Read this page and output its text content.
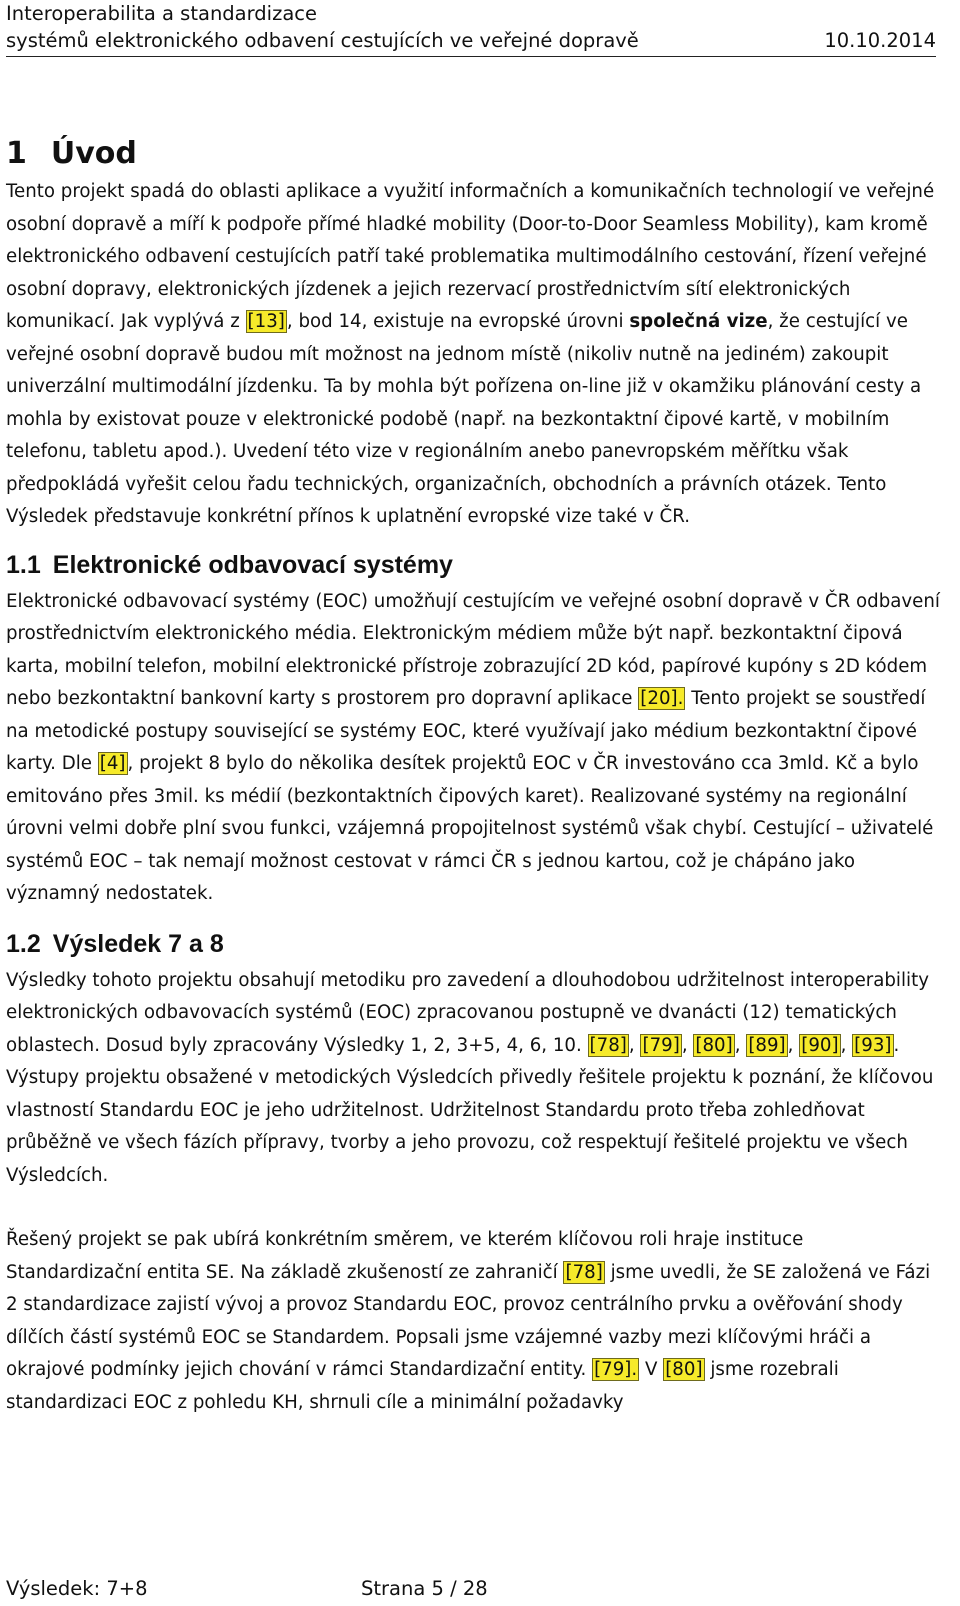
Interoperabilita a standardizace
systémů elektronického odbavení cestujících ve veřejné dopravě	10.10.2014
1 Úvod

Tento projekt spadá do oblasti aplikace a využití informačních a komunikačních technologií ve veřejné osobní dopravě a míří k podpoře přímé hladké mobility (Door-to-Door Seamless Mobility), kam kromě elektronického odbavení cestujících patří také problematika multimodálního cestování, řízení veřejné osobní dopravy, elektronických jízdenek a jejich rezervací prostřednictvím sítí elektronických komunikací. Jak vyplývá z [13] , bod 14, existuje na evropské úrovni společná vize, že cestující ve veřejné osobní dopravě budou mít možnost na jednom místě (nikoliv nutně na jediném) zakoupit univerzální multimodální jízdenku. Ta by mohla být pořízena on-line již v okamžiku plánování cesty a mohla by existovat pouze v elektronické podobě (např. na bezkontaktní čipové kartě, v mobilním telefonu, tabletu apod.). Uvedení této vize v regionálním anebo panevropském měřítku však předpokládá vyřešit celou řadu technických, organizačních, obchodních a právních otázek. Tento Výsledek představuje konkrétní přínos k uplatnění evropské vize také v ČR.

1.1 Elektronické odbavovací systémy

Elektronické odbavovací systémy (EOC) umožňují cestujícím ve veřejné osobní dopravě v ČR odbavení prostřednictvím elektronického média. Elektronickým médiem může být např. bezkontaktní čipová karta, mobilní telefon, mobilní elektronické přístroje zobrazující 2D kód, papírové kupóny s 2D kódem nebo bezkontaktní bankovní karty s prostorem pro dopravní aplikace [20]. Tento projekt se soustředí na metodické postupy související se systémy EOC, které využívají jako médium bezkontaktní čipové karty. Dle [4] , projekt 8 bylo do několika desítek projektů EOC v ČR investováno cca 3mld. Kč a bylo emitováno přes 3mil. ks médií (bezkontaktních čipových karet). Realizované systémy na regionální úrovni velmi dobře plní svou funkci, vzájemná propojitelnost systémů však chybí. Cestující – uživatelé systémů EOC – tak nemají možnost cestovat v rámci ČR s jednou kartou, což je chápáno jako významný nedostatek.

1.2 Výsledek 7 a 8

Výsledky tohoto projektu obsahují metodiku pro zavedení a dlouhodobou udržitelnost interoperability elektronických odbavovacích systémů (EOC) zpracovanou postupně ve dvanácti (12) tematických oblastech. Dosud byly zpracovány Výsledky 1, 2, 3+5, 4, 6, 10. [78] , [79] , [80] , [89] , [90] , [93] . Výstupy projektu obsažené v metodických Výsledcích přivedly řešitele projektu k poznání, že klíčovou vlastností Standardu EOC je jeho udržitelnost. Udržitelnost Standardu proto třeba zohledňovat průběžně ve všech fázích přípravy, tvorby a jeho provozu, což respektují řešitelé projektu ve všech Výsledcích.

Řešený projekt se pak ubírá konkrétním směrem, ve kterém klíčovou roli hraje instituce Standardizační entita SE. Na základě zkušeností ze zahraničí [78] jsme uvedli, že SE založená ve Fázi 2 standardizace zajistí vývoj a provoz Standardu EOC, provoz centrálního prvku a ověřování shody dílčích částí systémů EOC se Standardem. Popsali jsme vzájemné vazby mezi klíčovými hráči a okrajové podmínky jejich chování v rámci Standardizační entity. [79]. V [80] jsme rozebrali standardizaci EOC z pohledu KH, shrnuli cíle a minimální požadavky

Výsledek: 7+8	Strana 5 / 28
